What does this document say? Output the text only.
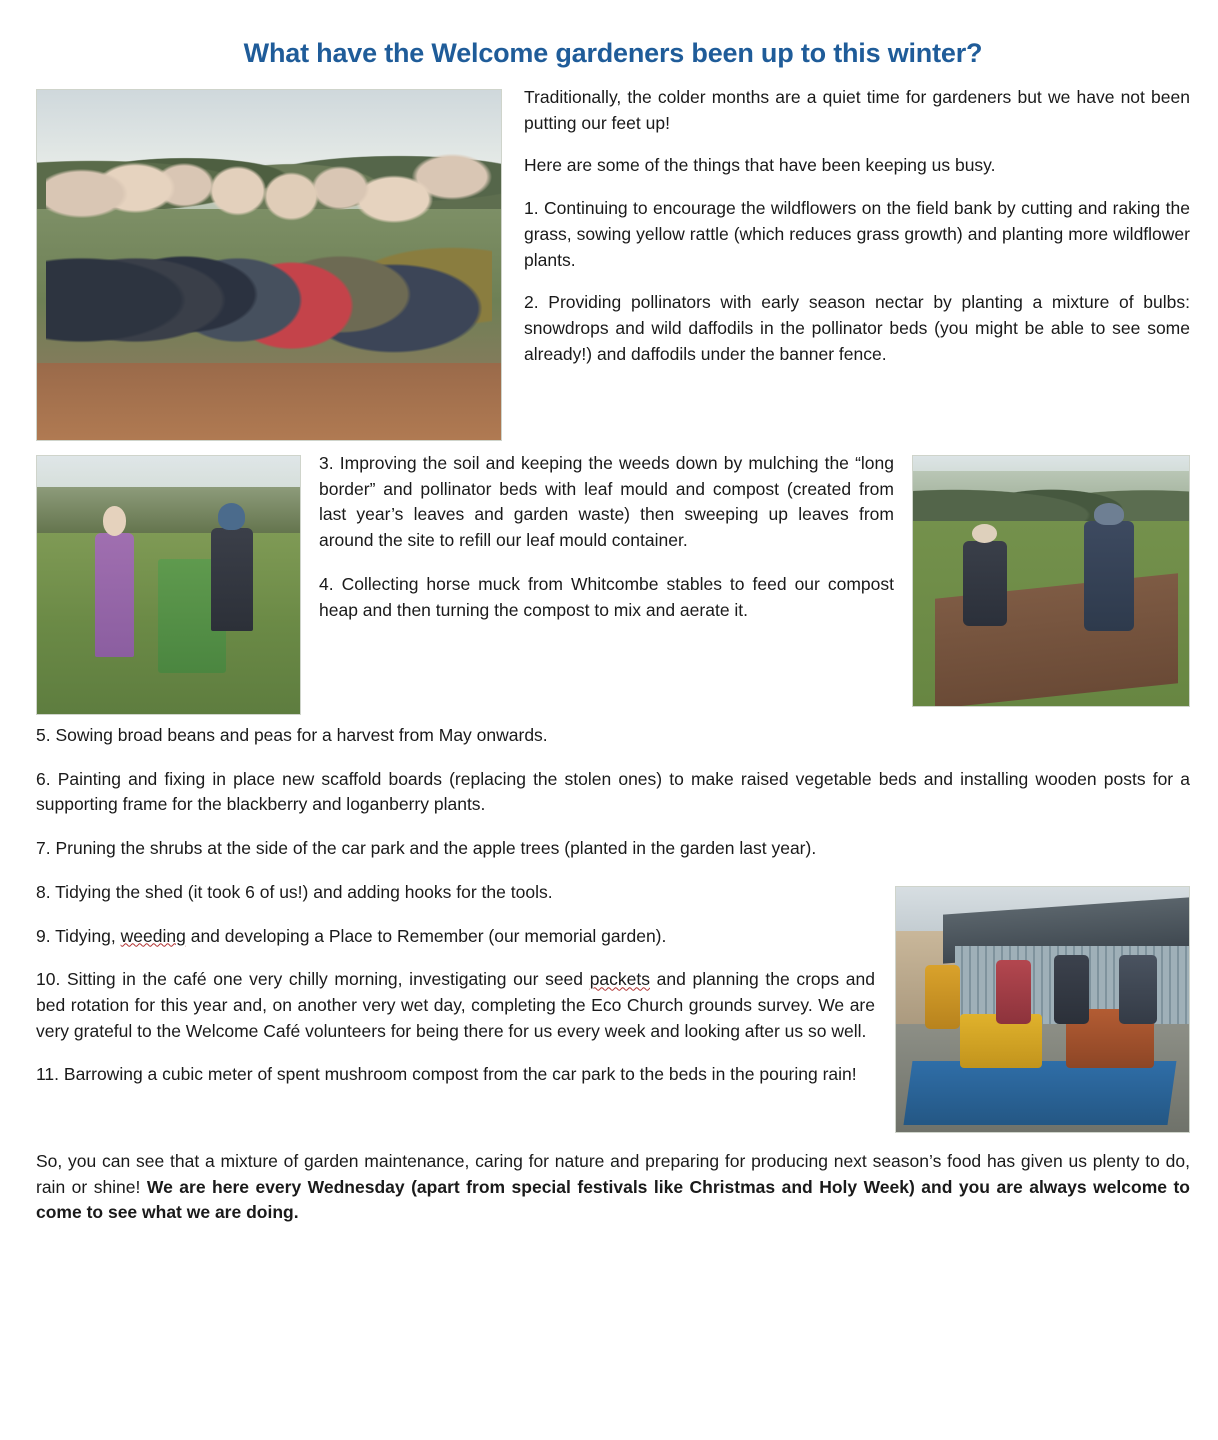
What have the Welcome gardeners been up to this winter?

Traditionally, the colder months are a quiet time for gardeners but we have not been putting our feet up!

Here are some of the things that have been keeping us busy.

1. Continuing to encourage the wildflowers on the field bank by cutting and raking the grass, sowing yellow rattle (which reduces grass growth) and planting more wildflower plants.

2. Providing pollinators with early season nectar by planting a mixture of bulbs: snowdrops and wild daffodils in the pollinator beds (you might be able to see some already!) and daffodils under the banner fence.

3. Improving the soil and keeping the weeds down by mulching the “long border” and pollinator beds with leaf mould and compost (created from last year’s leaves and garden waste) then sweeping up leaves from around the site to refill our leaf mould container.

4. Collecting horse muck from Whitcombe stables to feed our compost heap and then turning the compost to mix and aerate it.

5. Sowing broad beans and peas for a harvest from May onwards.

6. Painting and fixing in place new scaffold boards (replacing the stolen ones) to make raised vegetable beds and installing wooden posts for a supporting frame for the blackberry and loganberry plants.

7. Pruning the shrubs at the side of the car park and the apple trees (planted in the garden last year).

8. Tidying the shed (it took 6 of us!) and adding hooks for the tools.

9. Tidying, weeding and developing a Place to Remember (our memorial garden).

10. Sitting in the café one very chilly morning, investigating our seed packets and planning the crops and bed rotation for this year and, on another very wet day, completing the Eco Church grounds survey. We are very grateful to the Welcome Café volunteers for being there for us every week and looking after us so well.

11. Barrowing a cubic meter of spent mushroom compost from the car park to the beds in the pouring rain!

So, you can see that a mixture of garden maintenance, caring for nature and preparing for producing next season’s food has given us plenty to do, rain or shine! We are here every Wednesday (apart from special festivals like Christmas and Holy Week) and you are always welcome to come to see what we are doing.
